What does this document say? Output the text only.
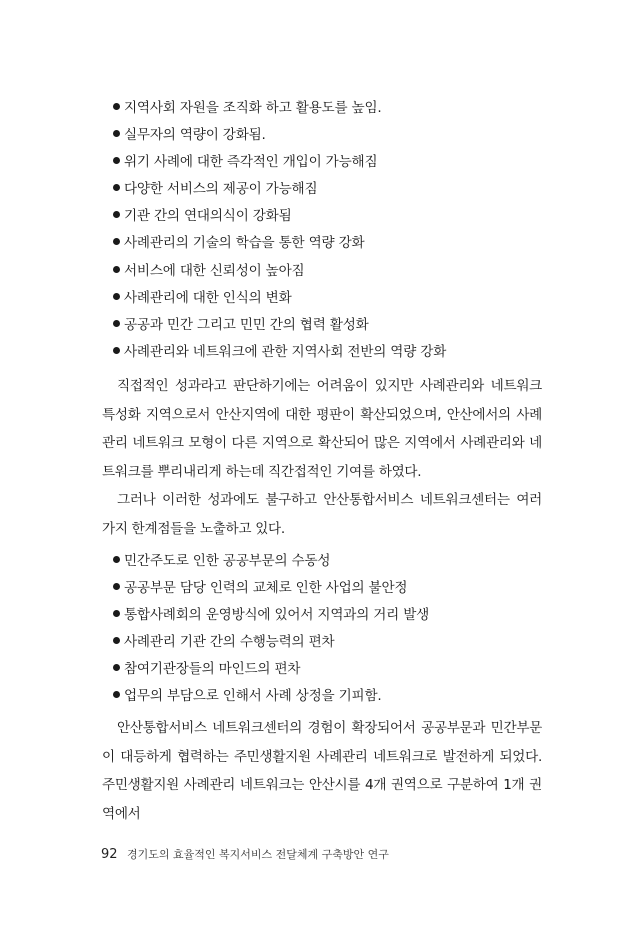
지역사회 자원을 조직화 하고 활용도를 높임.
실무자의 역량이 강화됨.
위기 사례에 대한 즉각적인 개입이 가능해짐
다양한 서비스의 제공이 가능해짐
기관 간의 연대의식이 강화됨
사례관리의 기술의 학습을 통한 역량 강화
서비스에 대한 신뢰성이 높아짐
사례관리에 대한 인식의 변화
공공과 민간 그리고 민민 간의 협력 활성화
사례관리와 네트워크에 관한 지역사회 전반의 역량 강화

직접적인 성과라고 판단하기에는 어려움이 있지만 사례관리와 네트워크 특성화 지역으로서 안산지역에 대한 평판이 확산되었으며, 안산에서의 사례관리 네트워크 모형이 다른 지역으로 확산되어 많은 지역에서 사례관리와 네트워크를 뿌리내리게 하는데 직간접적인 기여를 하였다.

그러나 이러한 성과에도 불구하고 안산통합서비스 네트워크센터는 여러 가지 한계점들을 노출하고 있다.

민간주도로 인한 공공부문의 수동성
공공부문 담당 인력의 교체로 인한 사업의 불안정
통합사례회의 운영방식에 있어서 지역과의 거리 발생
사례관리 기관 간의 수행능력의 편차
참여기관장들의 마인드의 편차
업무의 부담으로 인해서 사례 상정을 기피함.

안산통합서비스 네트워크센터의 경험이 확장되어서 공공부문과 민간부문이 대등하게 협력하는 주민생활지원 사례관리 네트워크로 발전하게 되었다. 주민생활지원 사례관리 네트워크는 안산시를 4개 권역으로 구분하여 1개 권역에서

92 경기도의 효율적인 복지서비스 전달체계 구축방안 연구
